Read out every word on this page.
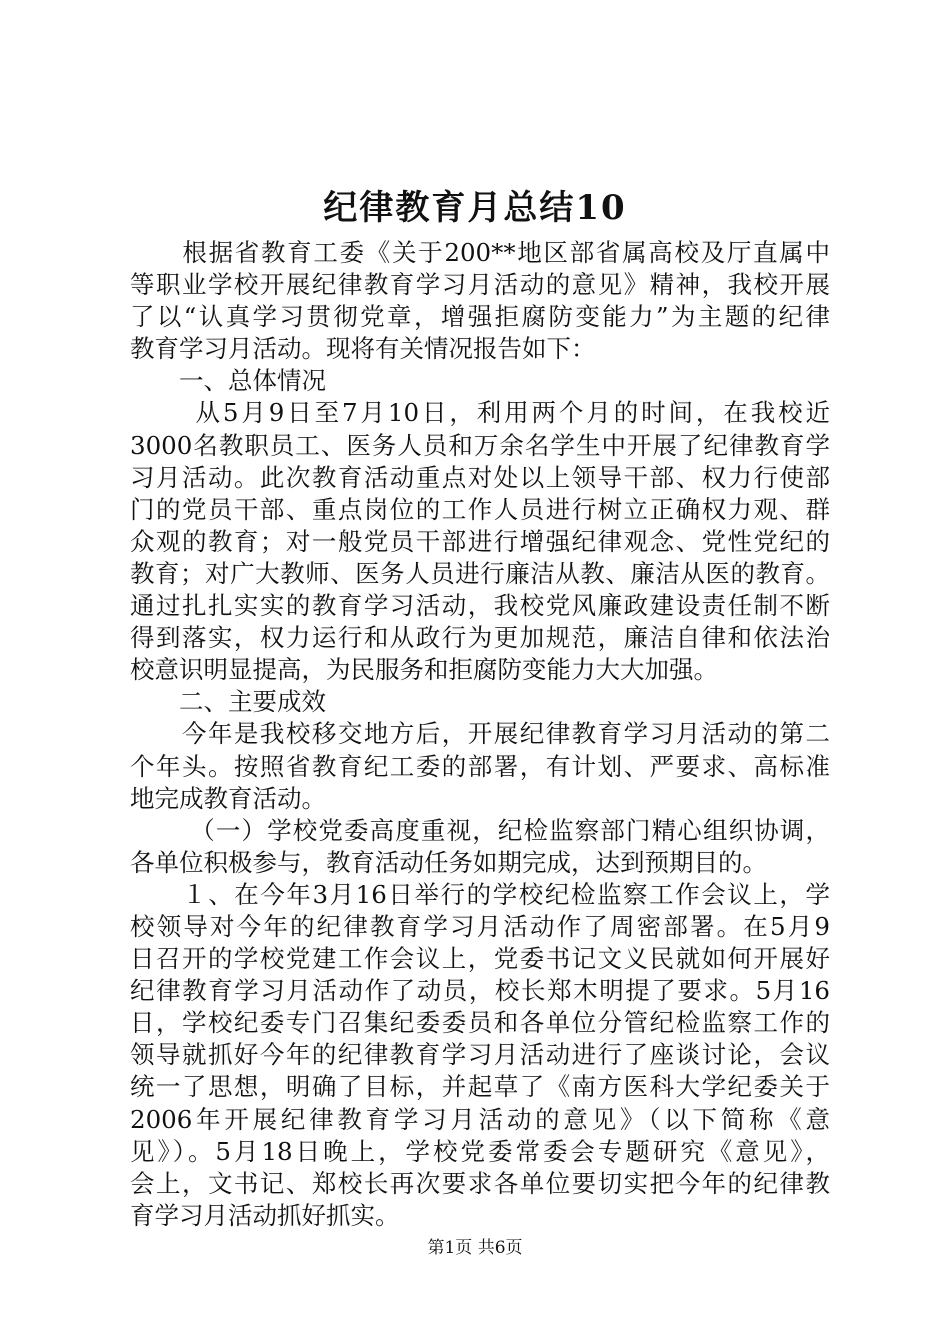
纪律教育月总结10
　　根据省教育工委《关于200**地区部省属高校及厅直属中
等职业学校开展纪律教育学习月活动的意见》精神，我校开展
了以“认真学习贯彻党章，增强拒腐防变能力”为主题的纪律
教育学习月活动。现将有关情况报告如下：
　　一、总体情况
　　 从5月9日至7月10日，利用两个月的时间，在我校近
3000名教职员工、医务人员和万余名学生中开展了纪律教育学
习月活动。此次教育活动重点对处以上领导干部、权力行使部
门的党员干部、重点岗位的工作人员进行树立正确权力观、群
众观的教育；对一般党员干部进行增强纪律观念、党性党纪的
教育；对广大教师、医务人员进行廉洁从教、廉洁从医的教育。
通过扎扎实实的教育学习活动，我校党风廉政建设责任制不断
得到落实，权力运行和从政行为更加规范，廉洁自律和依法治
校意识明显提高，为民服务和拒腐防变能力大大加强。
　　二、主要成效
　　今年是我校移交地方后，开展纪律教育学习月活动的第二
个年头。按照省教育纪工委的部署，有计划、严要求、高标准
地完成教育活动。
　　 （一）学校党委高度重视，纪检监察部门精心组织协调，
各单位积极参与，教育活动任务如期完成，达到预期目的。
　　１、在今年3月16日举行的学校纪检监察工作会议上，学
校领导对今年的纪律教育学习月活动作了周密部署。在5月9
日召开的学校党建工作会议上，党委书记文义民就如何开展好
纪律教育学习月活动作了动员，校长郑木明提了要求。5月16
日，学校纪委专门召集纪委委员和各单位分管纪检监察工作的
领导就抓好今年的纪律教育学习月活动进行了座谈讨论，会议
统一了思想，明确了目标，并起草了《南方医科大学纪委关于
2006年开展纪律教育学习月活动的意见》（以下简称《意
见》）。5月18日晚上，学校党委常委会专题研究《意见》，
会上，文书记、郑校长再次要求各单位要切实把今年的纪律教
育学习月活动抓好抓实。
第1页 共6页
